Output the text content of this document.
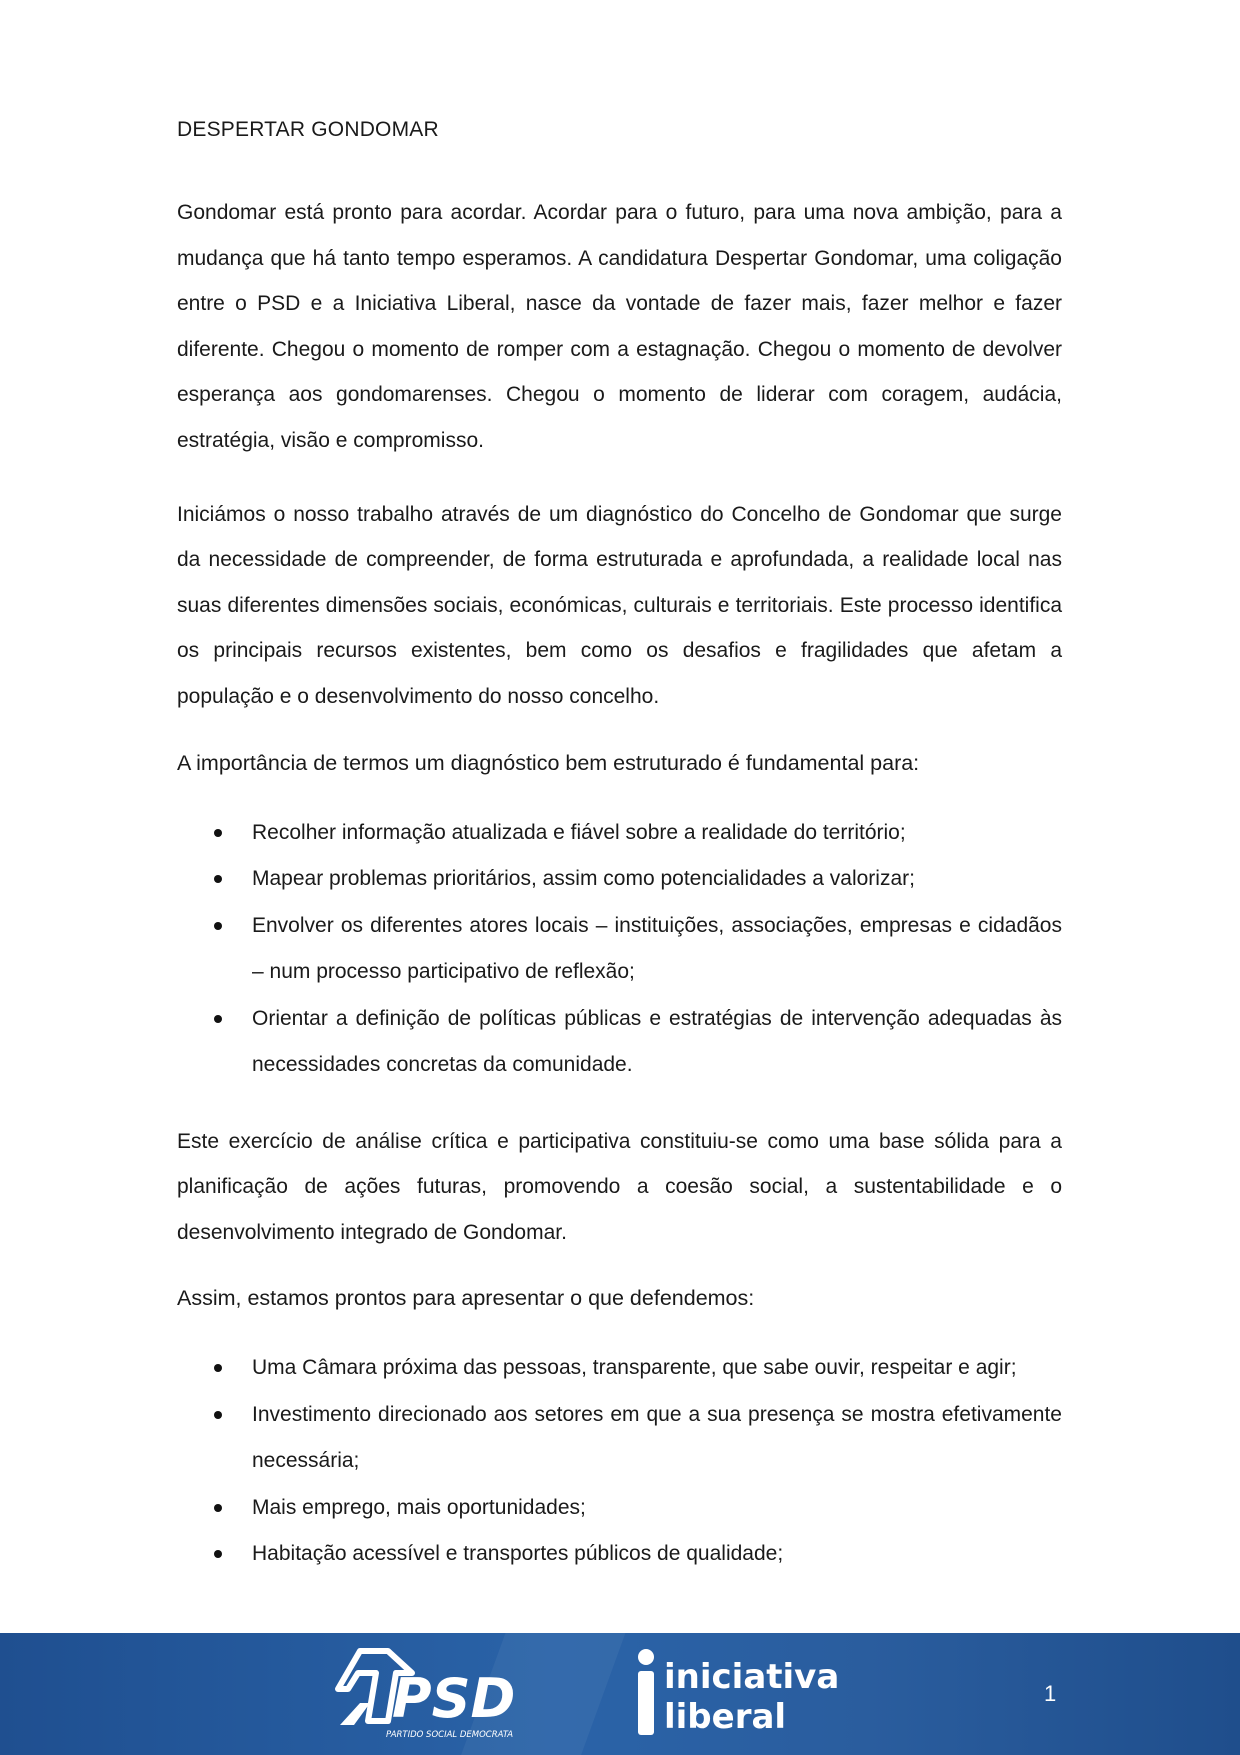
DESPERTAR GONDOMAR

Gondomar está pronto para acordar. Acordar para o futuro, para uma nova ambição, para a mudança que há tanto tempo esperamos. A candidatura Despertar Gondomar, uma coligação entre o PSD e a Iniciativa Liberal, nasce da vontade de fazer mais, fazer melhor e fazer diferente. Chegou o momento de romper com a estagnação. Chegou o momento de devolver esperança aos gondomarenses. Chegou o momento de liderar com coragem, audácia, estratégia, visão e compromisso.

Iniciámos o nosso trabalho através de um diagnóstico do Concelho de Gondomar que surge da necessidade de compreender, de forma estruturada e aprofundada, a realidade local nas suas diferentes dimensões sociais, económicas, culturais e territoriais. Este processo identifica os principais recursos existentes, bem como os desafios e fragilidades que afetam a população e o desenvolvimento do nosso concelho.

A importância de termos um diagnóstico bem estruturado é fundamental para:
Recolher informação atualizada e fiável sobre a realidade do território;
Mapear problemas prioritários, assim como potencialidades a valorizar;
Envolver os diferentes atores locais – instituições, associações, empresas e cidadãos – num processo participativo de reflexão;
Orientar a definição de políticas públicas e estratégias de intervenção adequadas às necessidades concretas da comunidade.

Este exercício de análise crítica e participativa constituiu-se como uma base sólida para a planificação de ações futuras, promovendo a coesão social, a sustentabilidade e o desenvolvimento integrado de Gondomar.

Assim, estamos prontos para apresentar o que defendemos:
Uma Câmara próxima das pessoas, transparente, que sabe ouvir, respeitar e agir;
Investimento direcionado aos setores em que a sua presença se mostra efetivamente necessária;
Mais emprego, mais oportunidades;
Habitação acessível e transportes públicos de qualidade;
PSD
PARTIDO SOCIAL DEMOCRATA
iniciativa
liberal
1
